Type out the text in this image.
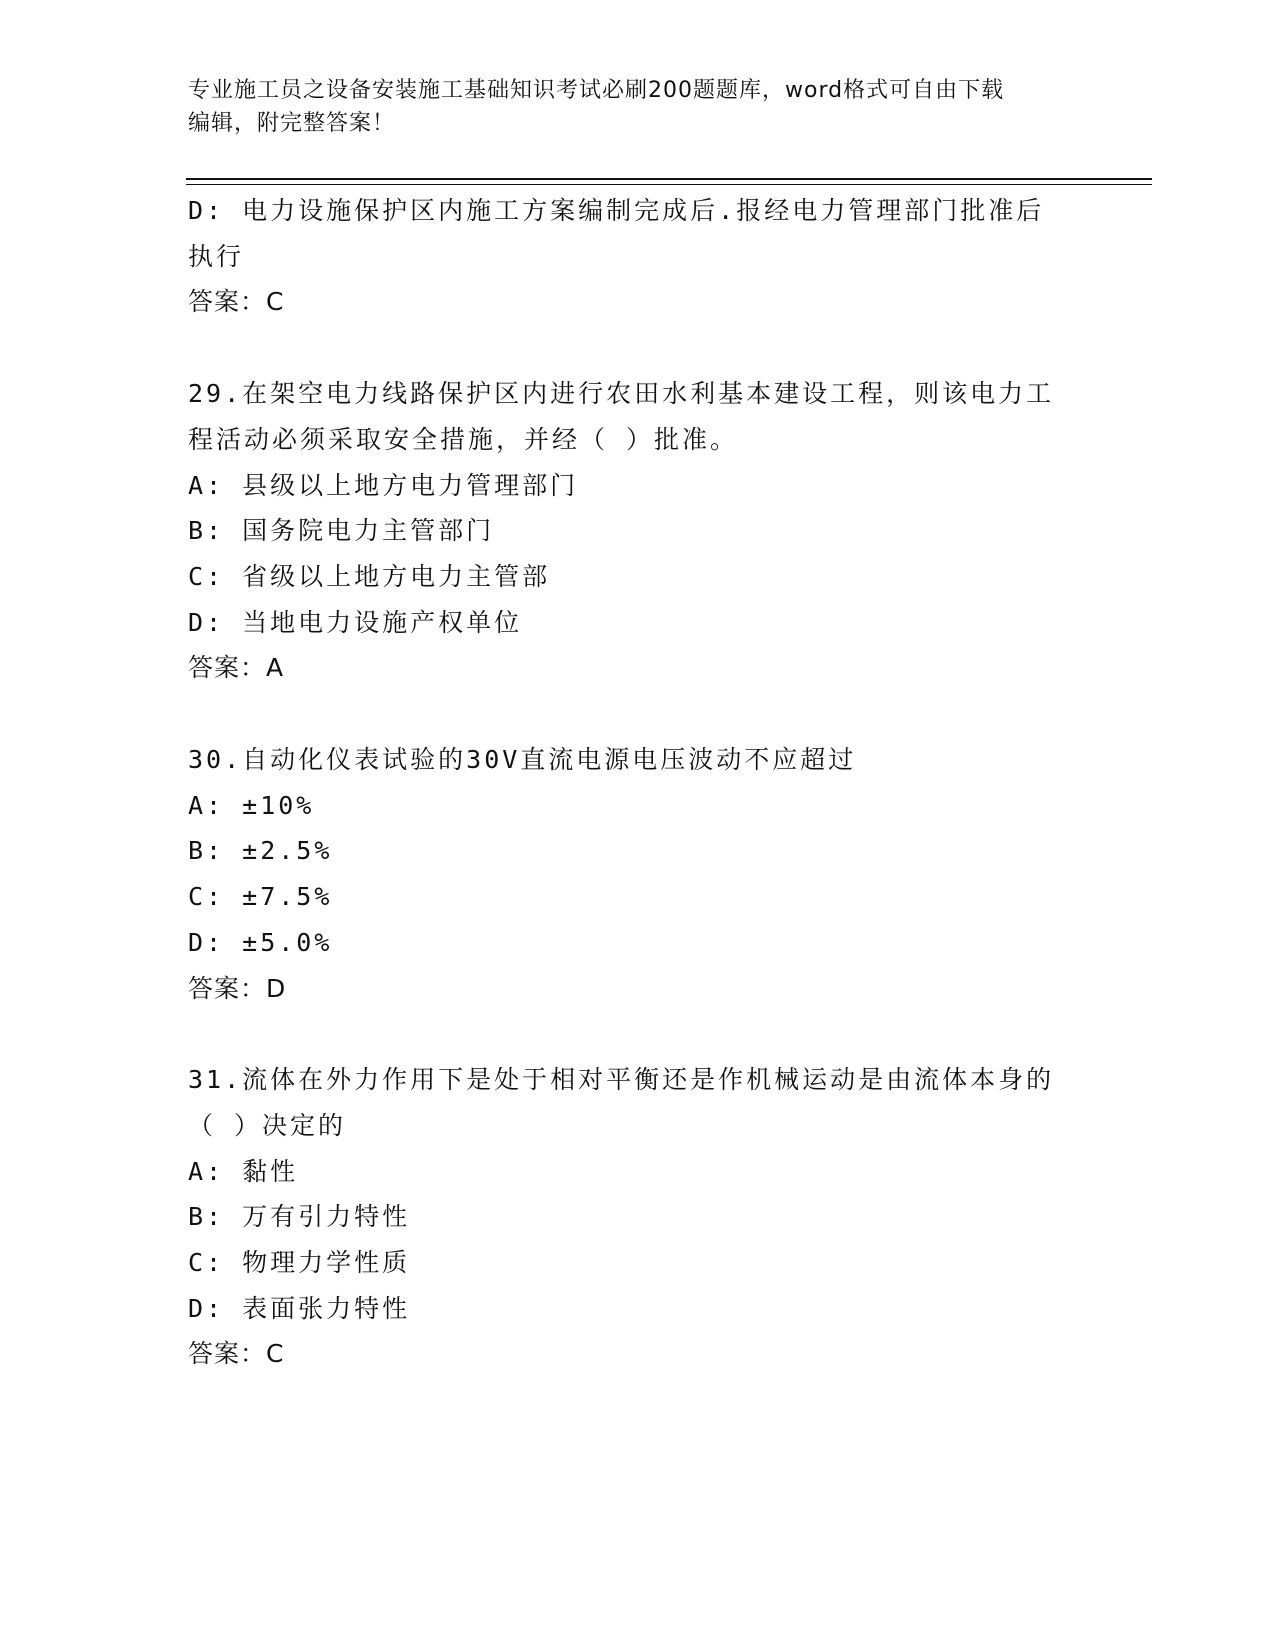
专业施工员之设备安装施工基础知识考试必刷200题题库，word格式可自由下载
编辑，附完整答案！
D: 电力设施保护区内施工方案编制完成后.报经电力管理部门批准后
执行
答案：C
29.在架空电力线路保护区内进行农田水利基本建设工程，则该电力工
程活动必须采取安全措施，并经（ ）批准。
A: 县级以上地方电力管理部门
B: 国务院电力主管部门
C: 省级以上地方电力主管部
D: 当地电力设施产权单位
答案：A
30.自动化仪表试验的30V直流电源电压波动不应超过
A: ±10%
B: ±2.5%
C: ±7.5%
D: ±5.0%
答案：D
31.流体在外力作用下是处于相对平衡还是作机械运动是由流体本身的
（ ）决定的
A: 黏性
B: 万有引力特性
C: 物理力学性质
D: 表面张力特性
答案：C
